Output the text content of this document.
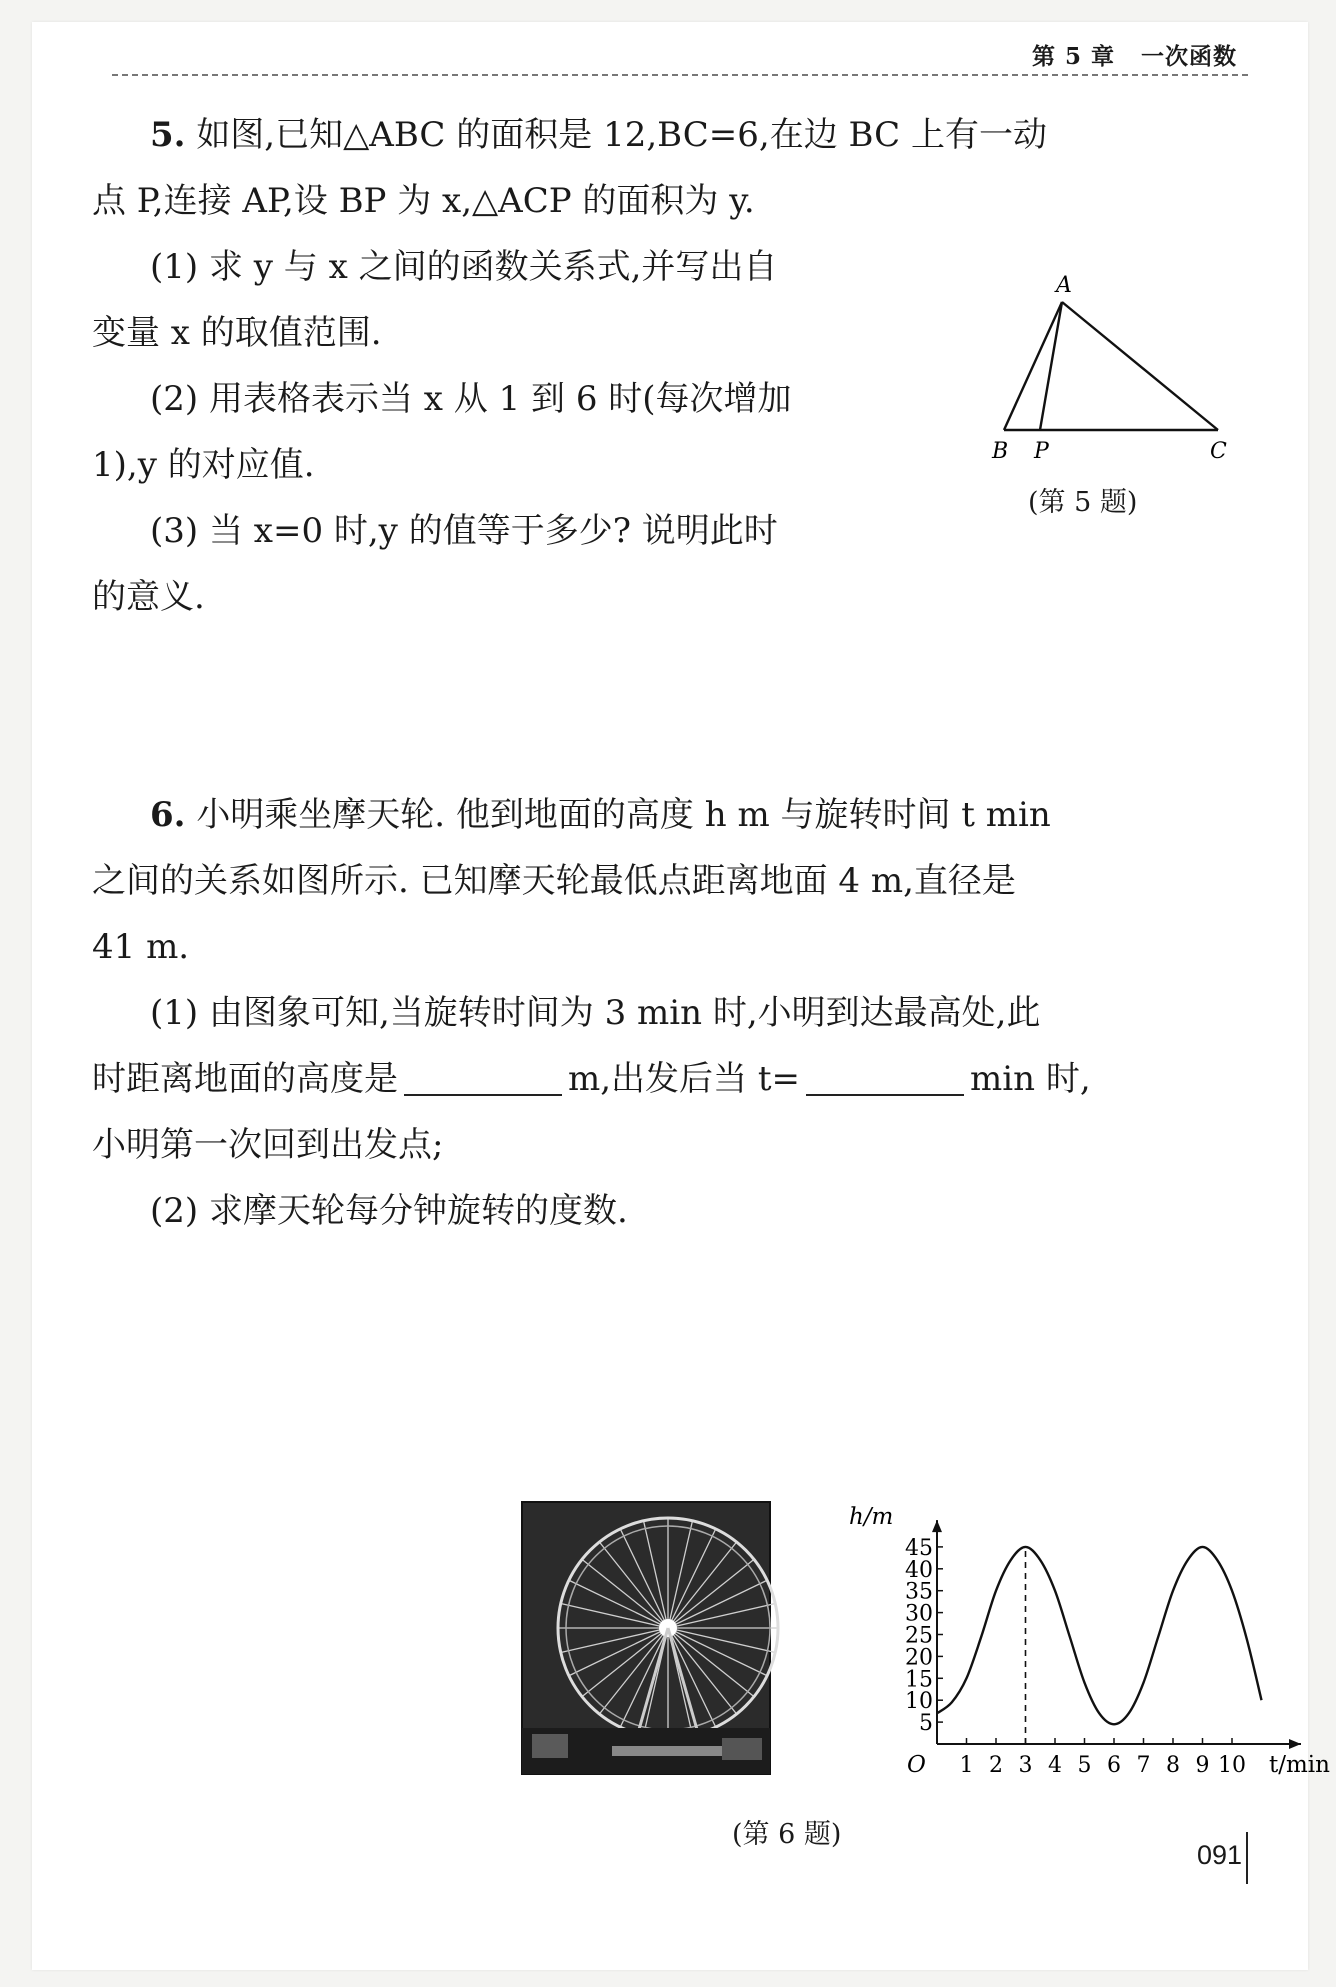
第 5 章 一次函数
5. 如图,已知△ABC 的面积是 12,BC=6,在边 BC 上有一动
点 P,连接 AP,设 BP 为 x,△ACP 的面积为 y.
(1) 求 y 与 x 之间的函数关系式,并写出自
变量 x 的取值范围.
(2) 用表格表示当 x 从 1 到 6 时(每次增加
1),y 的对应值.
(3) 当 x=0 时,y 的值等于多少? 说明此时
的意义.
A
B P	C
(第 5 题)
6. 小明乘坐摩天轮. 他到地面的高度 h m 与旋转时间 t min
之间的关系如图所示. 已知摩天轮最低点距离地面 4 m,直径是
41 m.
(1) 由图象可知,当旋转时间为 3 min 时,小明到达最高处,此
时距离地面的高度是	m,出发后当 t=	min 时,
小明第一次回到出发点;
(2) 求摩天轮每分钟旋转的度数.
1 2 3 4 5 6 7 8 9 10
5
10
15
20
25
30
35
40
45
h/m
t/min
O
(第 6 题)
091
